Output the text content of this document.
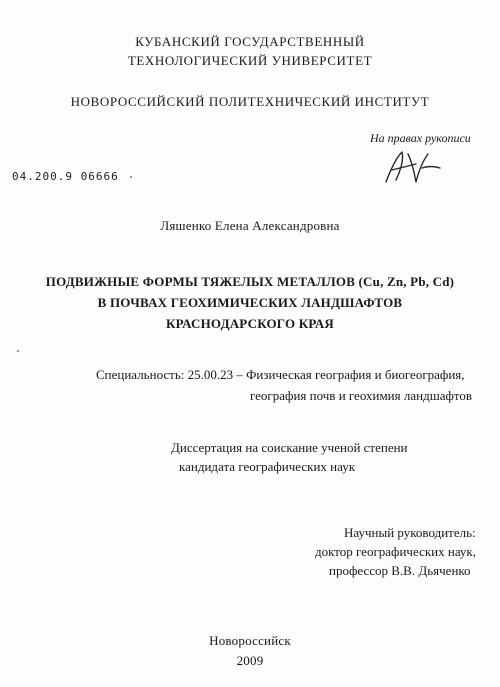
КУБАНСКИЙ ГОСУДАРСТВЕННЫЙ
ТЕХНОЛОГИЧЕСКИЙ УНИВЕРСИТЕТ
НОВОРОССИЙСКИЙ ПОЛИТЕХНИЧЕСКИЙ ИНСТИТУТ
На правах рукописи
04.200.9 06666
Ляшенко Елена Александровна
ПОДВИЖНЫЕ ФОРМЫ ТЯЖЕЛЫХ МЕТАЛЛОВ (Cu, Zn, Pb, Cd)
В ПОЧВАХ ГЕОХИМИЧЕСКИХ ЛАНДШАФТОВ
КРАСНОДАРСКОГО КРАЯ
Специальность: 25.00.23 – Физическая география и биогеография,
география почв и геохимия ландшафтов
Диссертация на соискание ученой степени
кандидата географических наук
Научный руководитель:
доктор географических наук,
профессор В.В. Дьяченко
Новороссийск
2009
